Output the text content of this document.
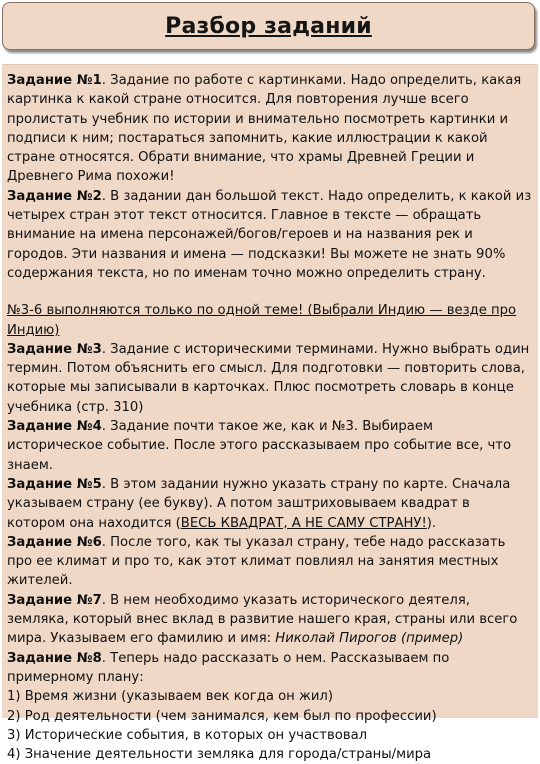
Разбор заданий

Задание №1. Задание по работе с картинками. Надо определить, какая картинка к какой стране относится. Для повторения лучше всего пролистать учебник по истории и внимательно посмотреть картинки и подписи к ним; постараться запомнить, какие иллюстрации к какой стране относятся. Обрати внимание, что храмы Древней Греции и Древнего Рима похожи!

Задание №2. В задании дан большой текст. Надо определить, к какой из четырех стран этот текст относится. Главное в тексте — обращать внимание на имена персонажей/богов/героев и на названия рек и городов. Эти названия и имена — подсказки! Вы можете не знать 90% содержания текста, но по именам точно можно определить страну.

№3-6 выполняются только по одной теме! (Выбрали Индию — везде про Индию)

Задание №3. Задание с историческими терминами. Нужно выбрать один термин. Потом объяснить его смысл. Для подготовки — повторить слова, которые мы записывали в карточках. Плюс посмотреть словарь в конце учебника (стр. 310)

Задание №4. Задание почти такое же, как и №3. Выбираем историческое событие. После этого рассказываем про событие все, что знаем.

Задание №5. В этом задании нужно указать страну по карте. Сначала указываем страну (ее букву). А потом заштриховываем квадрат в котором она находится (ВЕСЬ КВАДРАТ, А НЕ САМУ СТРАНУ!).

Задание №6. После того, как ты указал страну, тебе надо рассказать про ее климат и про то, как этот климат повлиял на занятия местных жителей.

Задание №7. В нем необходимо указать исторического деятеля, земляка, который внес вклад в развитие нашего края, страны или всего мира. Указываем его фамилию и имя: Николай Пирогов (пример)

Задание №8. Теперь надо рассказать о нем. Рассказываем по примерному плану:

1) Время жизни (указываем век когда он жил)

2) Род деятельности (чем занимался, кем был по профессии)

3) Исторические события, в которых он участвовал

4) Значение деятельности земляка для города/страны/мира
